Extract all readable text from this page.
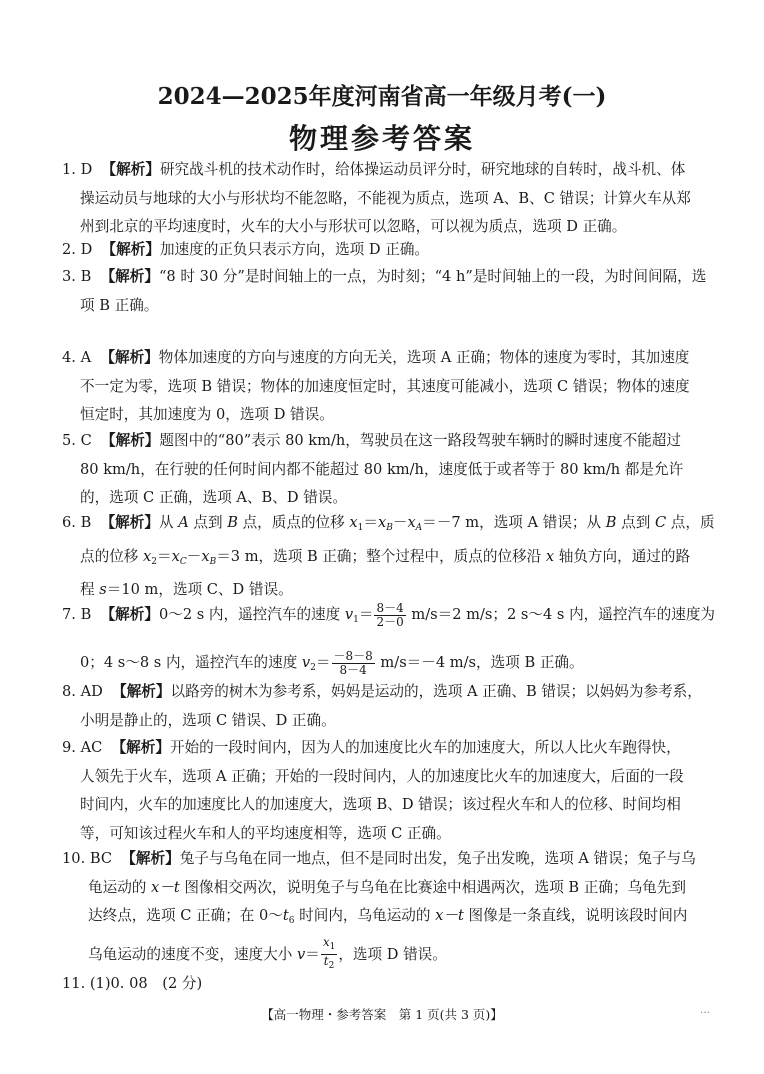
2024—2025年度河南省高一年级月考(一)
物理参考答案
1. D 【解析】研究战斗机的技术动作时，给体操运动员评分时，研究地球的自转时，战斗机、体
操运动员与地球的大小与形状均不能忽略，不能视为质点，选项 A、B、C 错误；计算火车从郑
州到北京的平均速度时，火车的大小与形状可以忽略，可以视为质点，选项 D 正确。
2. D 【解析】加速度的正负只表示方向，选项 D 正确。
3. B 【解析】“8 时 30 分”是时间轴上的一点，为时刻；“4 h”是时间轴上的一段，为时间间隔，选
项 B 正确。
4. A 【解析】物体加速度的方向与速度的方向无关，选项 A 正确；物体的速度为零时，其加速度
不一定为零，选项 B 错误；物体的加速度恒定时，其速度可能减小，选项 C 错误；物体的速度
恒定时，其加速度为 0，选项 D 错误。
5. C 【解析】题图中的“80”表示 80 km/h，驾驶员在这一路段驾驶车辆时的瞬时速度不能超过
80 km/h，在行驶的任何时间内都不能超过 80 km/h，速度低于或者等于 80 km/h 都是允许
的，选项 C 正确，选项 A、B、D 错误。
6. B 【解析】从 A 点到 B 点，质点的位移 $x_1=x_B-x_A=-7$ m，选项 A 错误；从 B 点到 C 点，质
点的位移 $x_2=x_C-x_B=3$ m，选项 B 正确；整个过程中，质点的位移沿 x 轴负方向，通过的路
程 s＝10 m，选项 C、D 错误。
7. B 【解析】0～2 s 内，遥控汽车的速度 $v_1= \frac{8-4}{2-0} m/s=2$ m/s；2 s～4 s 内，遥控汽车的速度为
0；4 s～8 s 内，遥控汽车的速度 $v_2= \frac{-8-8}{8-4} m/s=-4$ m/s，选项 B 正确。
8. AD 【解析】以路旁的树木为参考系，妈妈是运动的，选项 A 正确、B 错误；以妈妈为参考系，
小明是静止的，选项 C 错误、D 正确。
9. AC 【解析】开始的一段时间内，因为人的加速度比火车的加速度大，所以人比火车跑得快，
人领先于火车，选项 A 正确；开始的一段时间内，人的加速度比火车的加速度大，后面的一段
时间内，火车的加速度比人的加速度大，选项 B、D 错误；该过程火车和人的位移、时间均相
等，可知该过程火车和人的平均速度相等，选项 C 正确。
10. BC 【解析】兔子与乌龟在同一地点，但不是同时出发，兔子出发晚，选项 A 错误；兔子与乌
龟运动的 x－t 图像相交两次，说明兔子与乌龟在比赛途中相遇两次，选项 B 正确；乌龟先到
达终点，选项 C 正确；在 $0\sim t_6$ 时间内，乌龟运动的 x－t 图像是一条直线，说明该段时间内
乌龟运动的速度不变，速度大小 $v= \frac{x_1}{t_2}$ ，选项 D 错误。
11. (1)0. 08　(2 分)
【高一物理・参考答案　第 1 页(共 3 页)】	…
